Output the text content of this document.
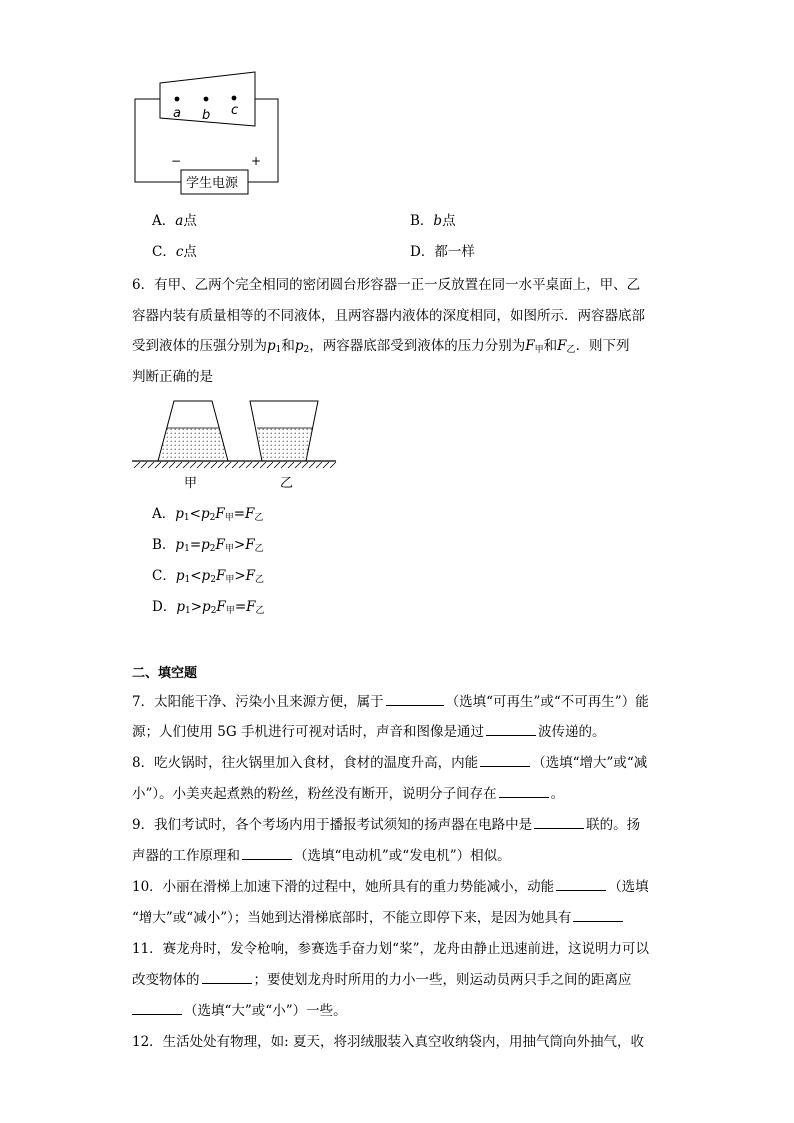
a b c
−	+
学生电源
A．a点	B．b点
C．c点	D．都一样
6．有甲、乙两个完全相同的密闭圆台形容器一正一反放置在同一水平桌面上，甲、乙
容器内装有质量相等的不同液体，且两容器内液体的深度相同，如图所示．两容器底部
受到液体的压强分别为$p_1$和$p_2$，两容器底部受到液体的压力分别为$F_甲$和$F_乙$．则下列
判断正确的是
甲	乙
A．$p_1<p_2F_甲=F_乙$
B．$p_1=p_2F_甲>F_乙$
C．$p_1<p_2F_甲>F_乙$
D．$p_1>p_2F_甲=F_乙$
二、填空题
7．太阳能干净、污染小且来源方便，属于	（选填“可再生”或“不可再生”）能
源；人们使用 5G 手机进行可视对话时，声音和图像是通过	波传递的。
8．吃火锅时，往火锅里加入食材，食材的温度升高，内能	（选填“增大”或“减
小”）。小美夹起煮熟的粉丝，粉丝没有断开，说明分子间存在	。
9．我们考试时，各个考场内用于播报考试须知的扬声器在电路中是	联的。扬
声器的工作原理和	（选填“电动机”或“发电机”）相似。
10．小丽在滑梯上加速下滑的过程中，她所具有的重力势能减小，动能	（选填
“增大”或“减小”）；当她到达滑梯底部时，不能立即停下来，是因为她具有
11．赛龙舟时，发令枪响，参赛选手奋力划“桨”，龙舟由静止迅速前进，这说明力可以
改变物体的	；要使划龙舟时所用的力小一些，则运动员两只手之间的距离应
（选填“大”或“小”）一些。
12．生活处处有物理，如: 夏天，将羽绒服装入真空收纳袋内，用抽气筒向外抽气，收
